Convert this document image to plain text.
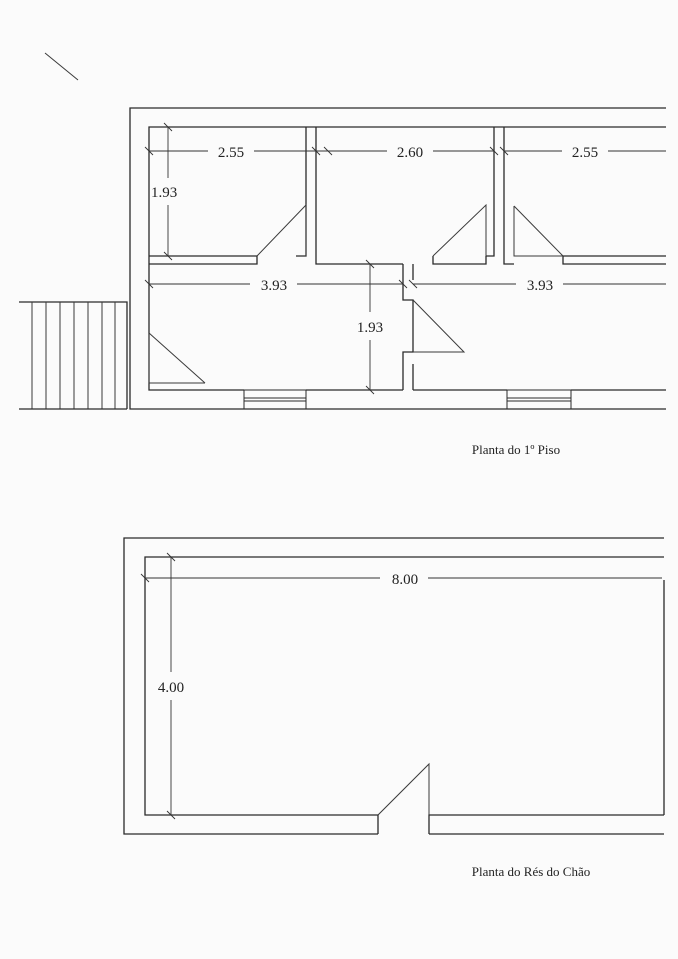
2.55	2.60	2.55
1.93
3.93	3.93
1.93
Planta do 1º Piso
8.00
4.00
Planta do Rés do Chão
